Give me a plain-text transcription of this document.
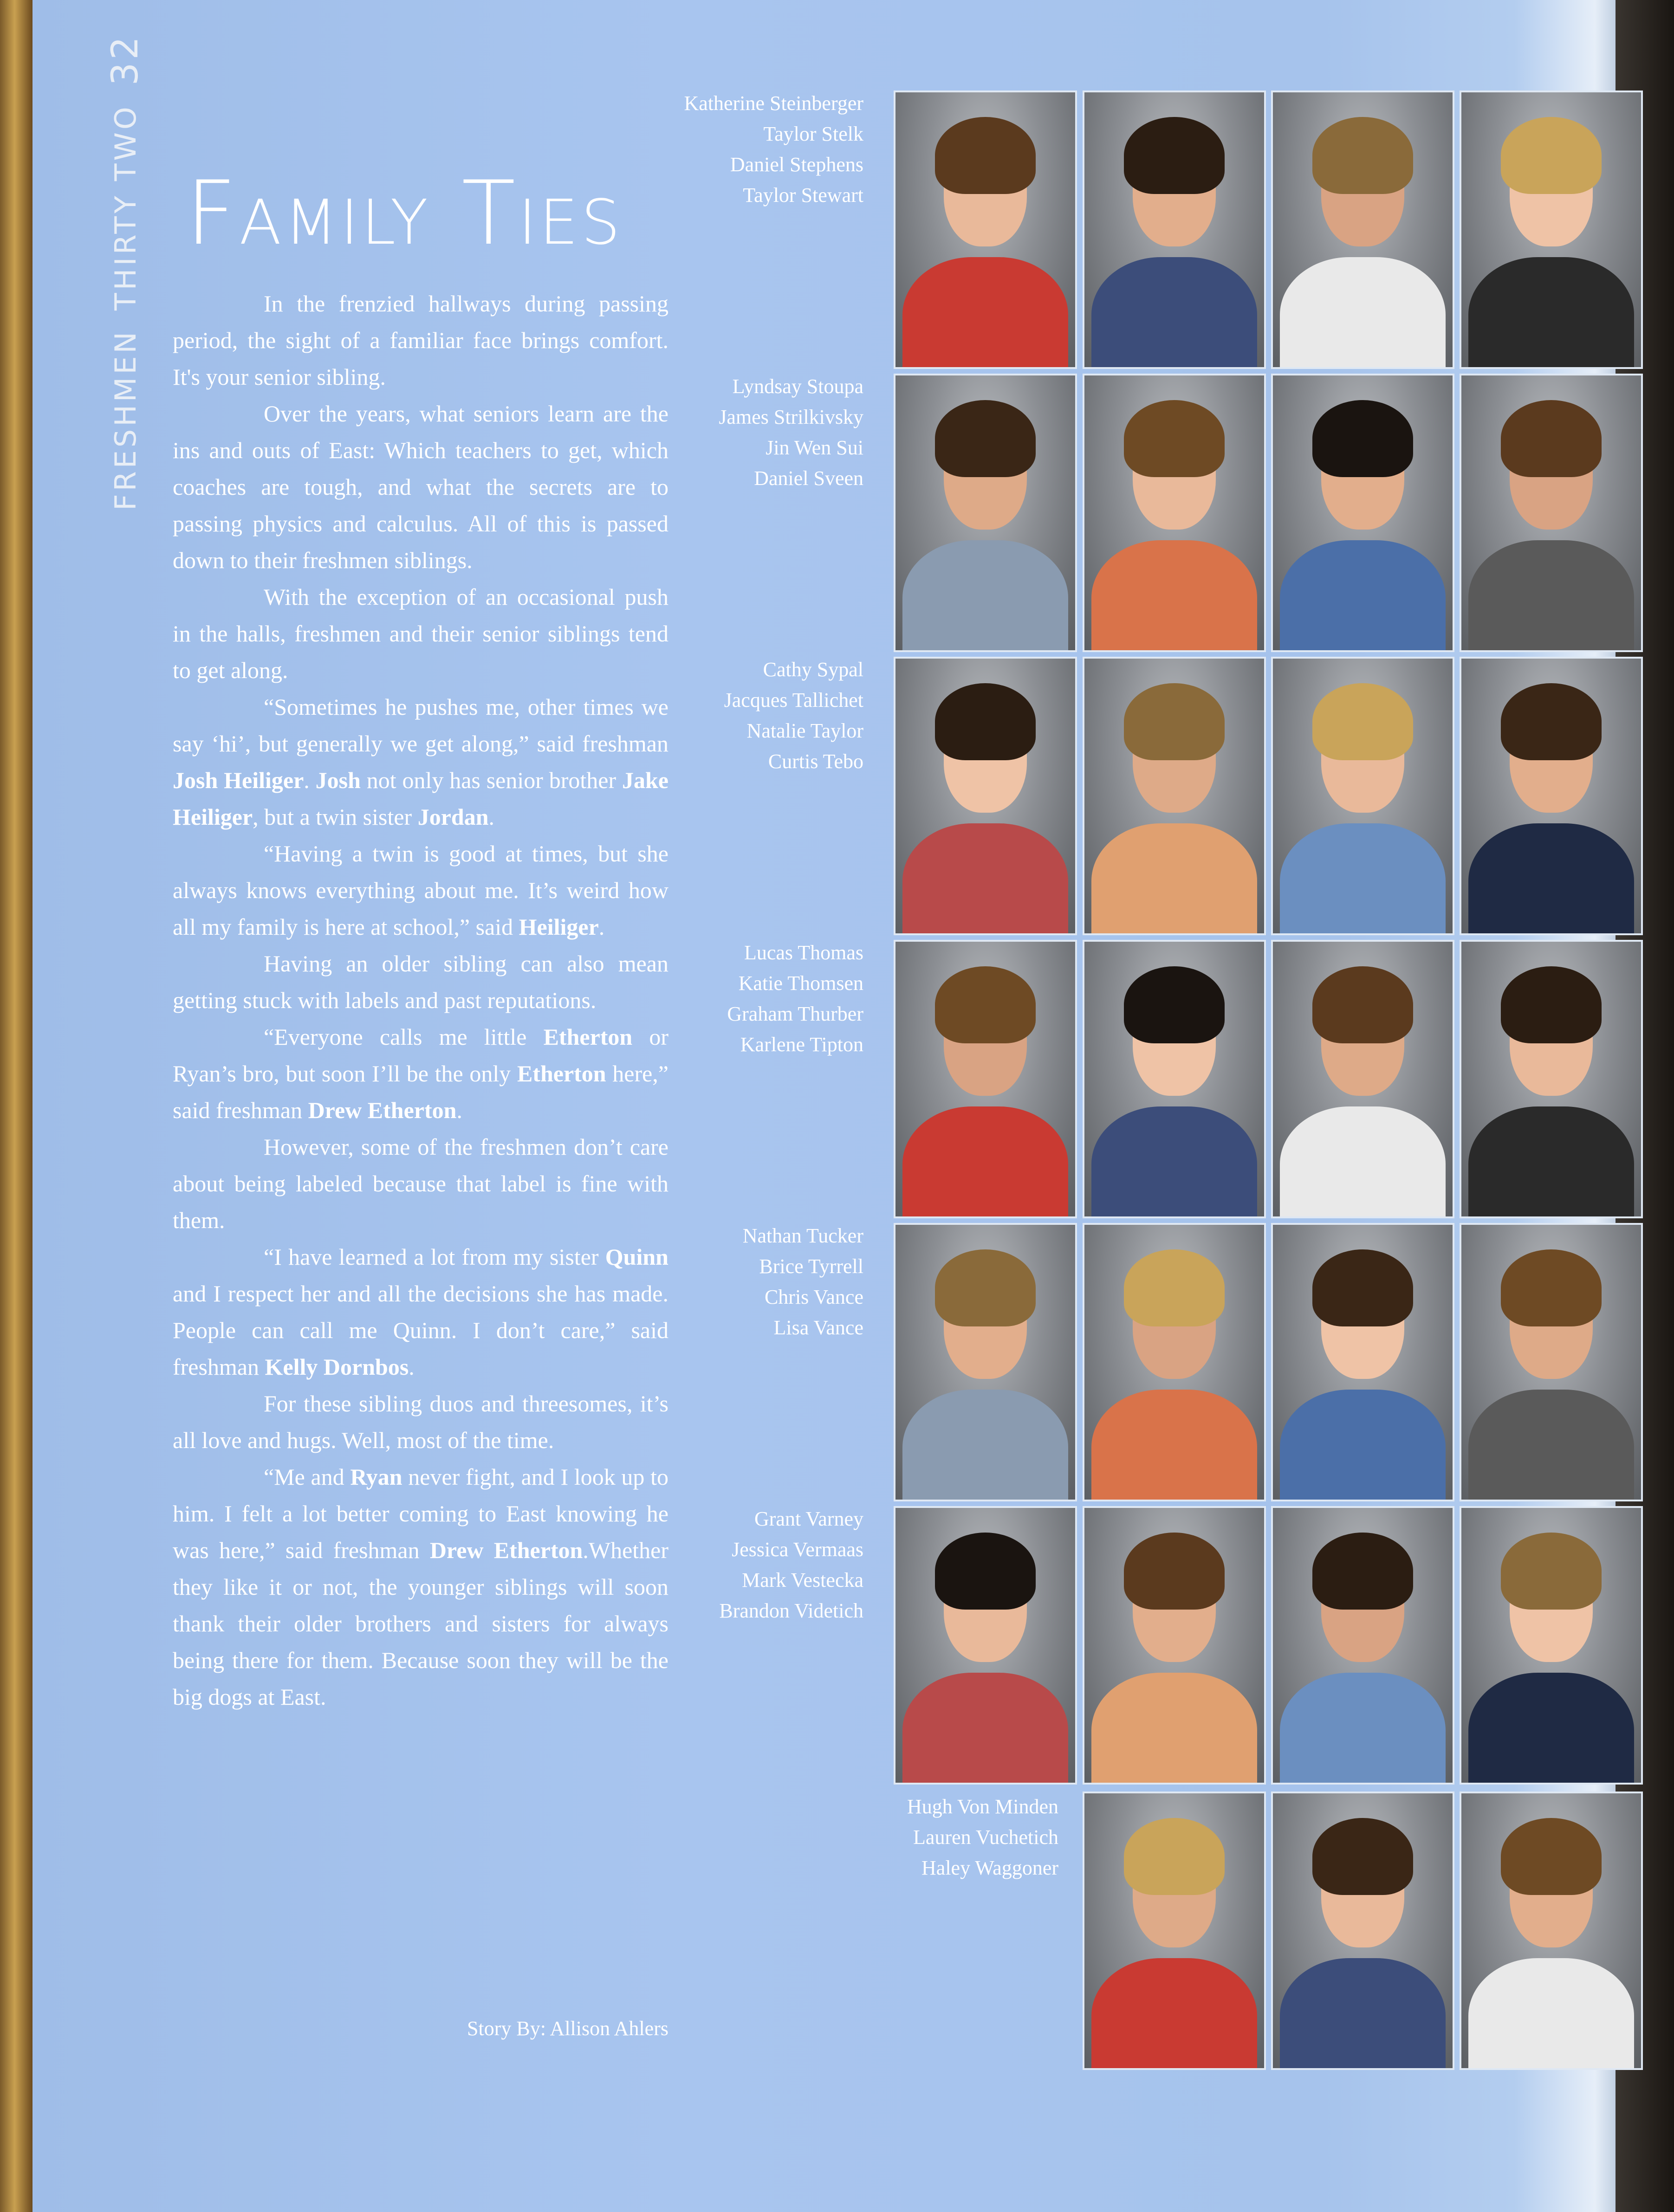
FRESHMEN
THIRTY TWO
32
Family Ties

In the frenzied hallways during passing period, the sight of a familiar face brings comfort. It's your senior sibling.

Over the years, what seniors learn are the ins and outs of East: Which teachers to get, which coaches are tough, and what the secrets are to passing physics and calculus. All of this is passed down to their freshmen siblings.

With the exception of an occasional push in the halls, freshmen and their senior siblings tend to get along.

“Sometimes he pushes me, other times we say ‘hi’, but generally we get along,” said freshman Josh Heiliger. Josh not only has senior brother Jake Heiliger, but a twin sister Jordan.

“Having a twin is good at times, but she always knows everything about me. It’s weird how all my family is here at school,” said Heiliger.

Having an older sibling can also mean getting stuck with labels and past reputations.

“Everyone calls me little Etherton or Ryan’s bro, but soon I’ll be the only Etherton here,” said freshman Drew Etherton.

However, some of the freshmen don’t care about being labeled because that label is fine with them.

“I have learned a lot from my sister Quinn and I respect her and all the decisions she has made. People can call me Quinn. I don’t care,” said freshman Kelly Dornbos.

For these sibling duos and threesomes, it’s all love and hugs. Well, most of the time.

“Me and Ryan never fight, and I look up to him. I felt a lot better coming to East knowing he was here,” said freshman Drew Etherton.Whether they like it or not, the younger siblings will soon thank their older brothers and sisters for always being there for them. Because soon they will be the big dogs at East.

Story By: Allison Ahlers
Katherine Steinberger
Taylor Stelk
Daniel Stephens
Taylor Stewart
Lyndsay Stoupa
James Strilkivsky
Jin Wen Sui
Daniel Sveen
Cathy Sypal
Jacques Tallichet
Natalie Taylor
Curtis Tebo
Lucas Thomas
Katie Thomsen
Graham Thurber
Karlene Tipton
Nathan Tucker
Brice Tyrrell
Chris Vance
Lisa Vance
Grant Varney
Jessica Vermaas
Mark Vestecka
Brandon Videtich
Hugh Von Minden
Lauren Vuchetich
Haley Waggoner
